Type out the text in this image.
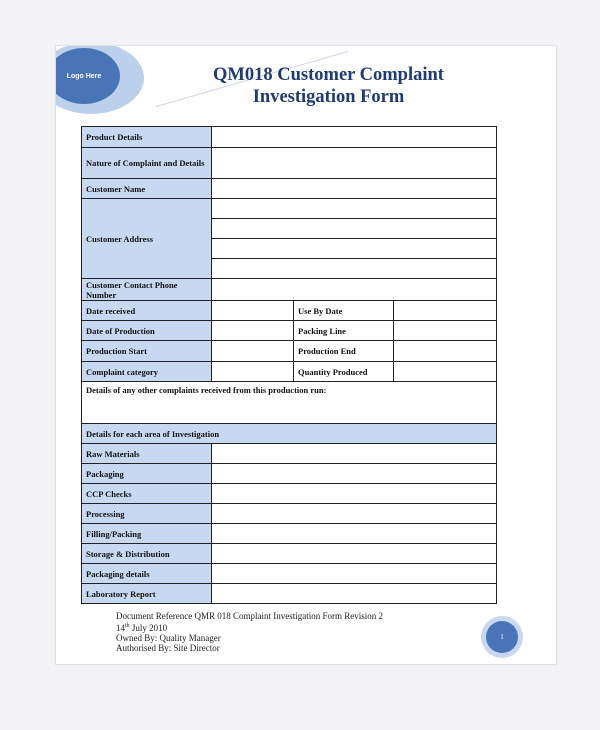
Logo Here	QM018 Customer Complaint
Investigation Form
Product Details			
Nature of Complaint and Details			
Customer Name			
Customer Address			

Customer Contact Phone Number			
Date received		Use By Date	
Date of Production		Packing Line	
Production Start		Production End	
Complaint category		Quantity Produced	
Details of any other complaints received from this production run:			
Details for each area of Investigation			
Raw Materials			
Packaging			
CCP Checks			
Processing			
Filling/Packing			
Storage & Distribution			
Packaging details			
Laboratory Report			
Document Reference QMR 018 Complaint Investigation Form Revision 2
14th July 2010
Owned By: Quality Manager
Authorised By: Site Director
1
